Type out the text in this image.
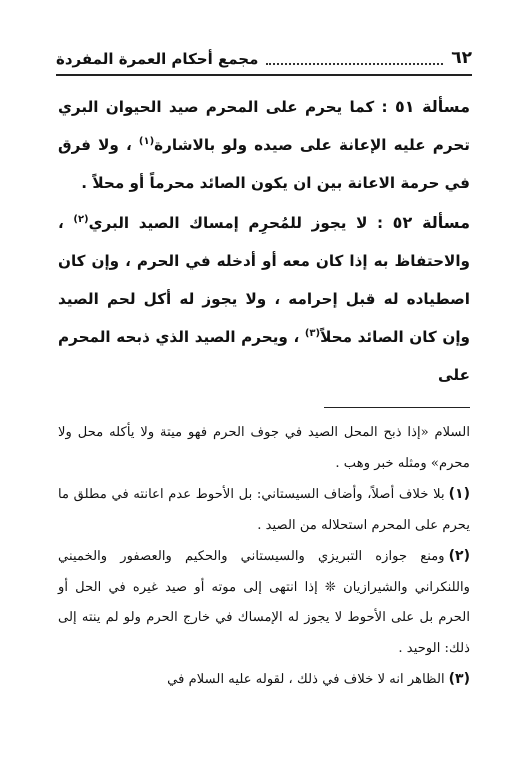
٦٢
مجمع أحكام العمرة المفردة

مسألة ٥١ : كما يحرم على المحرم صيد الحيوان البري تحرم عليه الإعانة على صيده ولو بالاشارة$^{(١)}$ ، ولا فرق في حرمة الاعانة بين ان يكون الصائد محرماً أو محلاً .

مسألة ٥٢ : لا يجوز للمُحرِم إمساك الصيد البري$^{(٢)}$ ، والاحتفاظ به إذا كان معه أو أدخله في الحرم ، وإن كان اصطياده له قبل إحرامه ، ولا يجوز له أكل لحم الصيد وإن كان الصائد محلاً$^{(٣)}$ ، ويحرم الصيد الذي ذبحه المحرم على

السلام «إذا ذبح المحل الصيد في جوف الحرم فهو ميتة ولا يأكله محل ولا محرم» ومثله خبر وهب .

(١)بلا خلاف أصلاً، وأضاف السيستاني: بل الأحوط عدم اعانته في مطلق ما يحرم على المحرم استحلاله من الصيد .

(٢)ومنع جوازه التبريزي والسيستاني والحكيم والعصفور والخميني واللنكراني والشيرازيان ❊ إذا انتهى إلى موته أو صيد غيره في الحل أو الحرم بل على الأحوط لا يجوز له الإمساك في خارج الحرم ولو لم ينته إلى ذلك: الوحيد .

(٣)الظاهر انه لا خلاف في ذلك ، لقوله عليه السلام في
